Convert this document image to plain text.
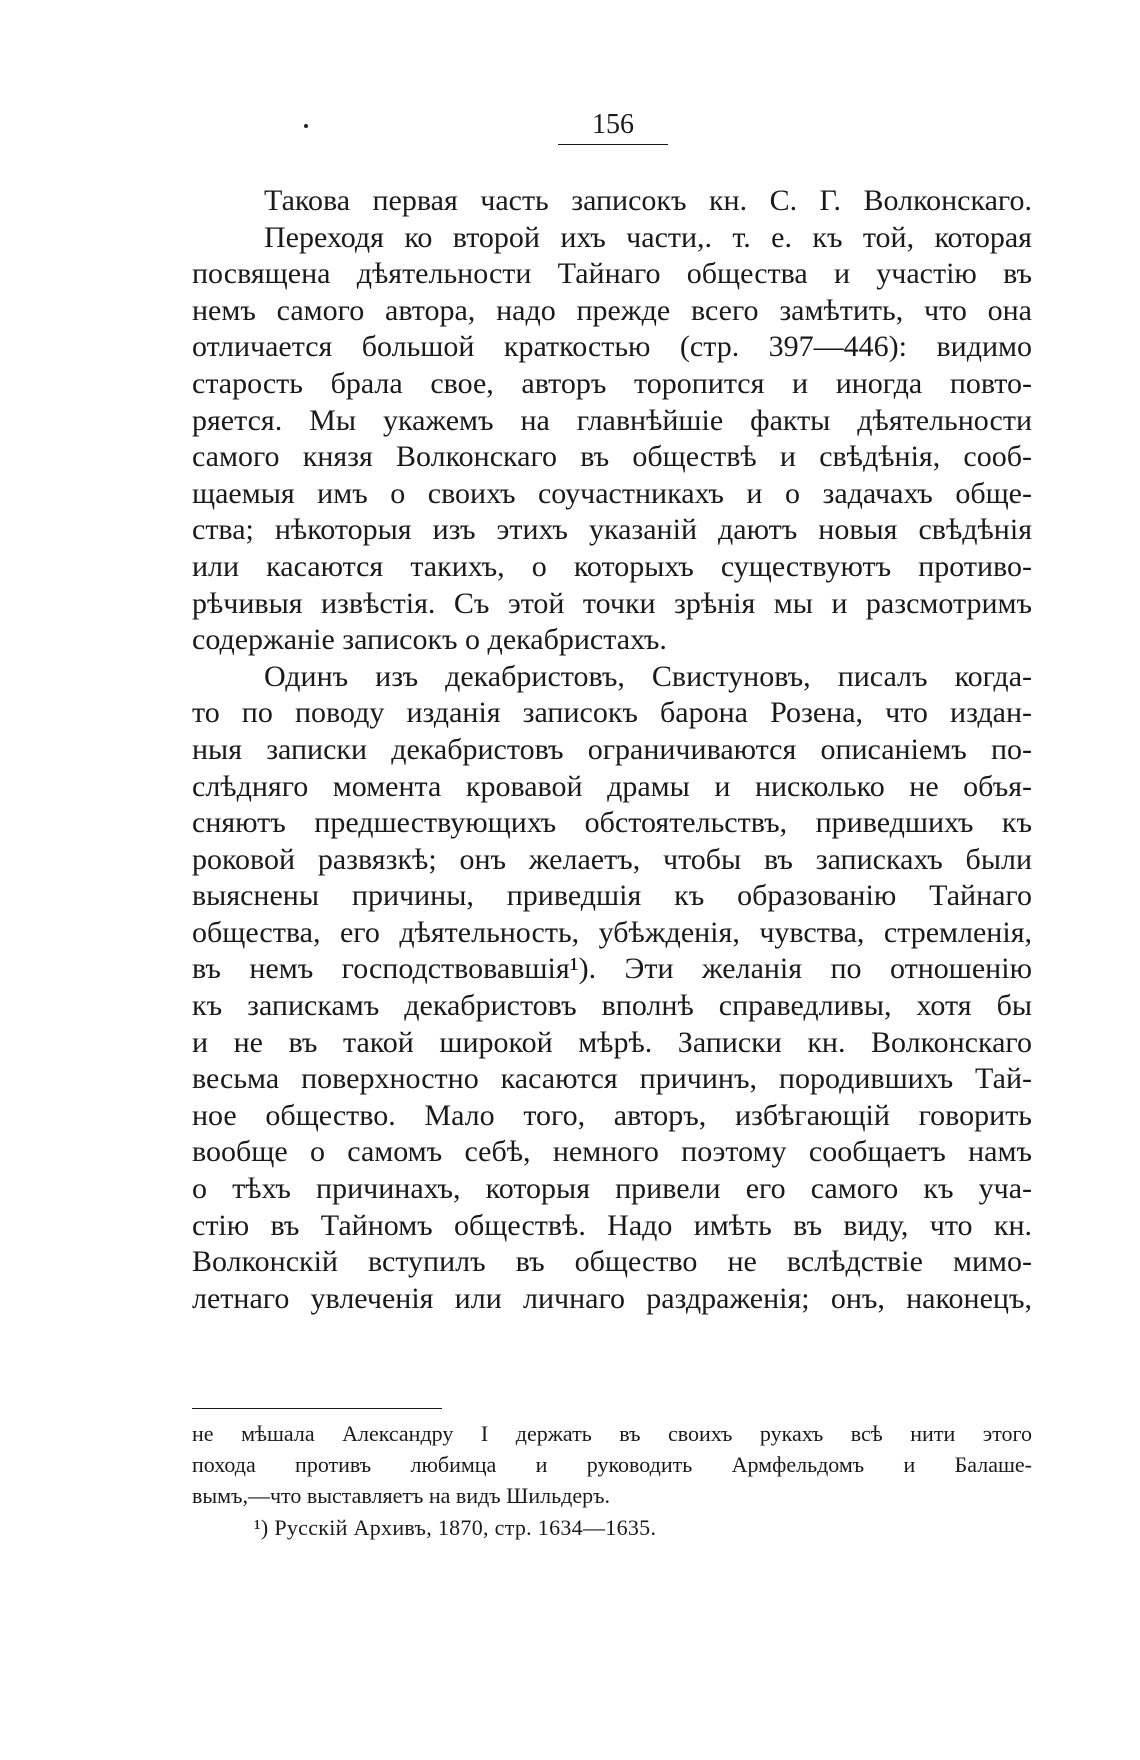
156
Такова первая часть записокъ кн. С. Г. Волконскаго.
Переходя ко второй ихъ части,. т. е. къ той, которая
посвящена дѣятельности Тайнаго общества и участію въ
немъ самого автора, надо прежде всего замѣтить, что она
отличается большой краткостью (стр. 397—446): видимо
старость брала свое, авторъ торопится и иногда повто-
ряется. Мы укажемъ на главнѣйшіе факты дѣятельности
самого князя Волконскаго въ обществѣ и свѣдѣнія, сооб-
щаемыя имъ о своихъ соучастникахъ и о задачахъ обще-
ства; нѣкоторыя изъ этихъ указаній даютъ новыя свѣдѣнія
или касаются такихъ, о которыхъ существуютъ противо-
рѣчивыя извѣстія. Съ этой точки зрѣнія мы и разсмотримъ
содержаніе записокъ о декабристахъ.
Одинъ изъ декабристовъ, Свистуновъ, писалъ когда-
то по поводу изданія записокъ барона Розена, что издан-
ныя записки декабристовъ ограничиваются описаніемъ по-
слѣдняго момента кровавой драмы и нисколько не объя-
сняютъ предшествующихъ обстоятельствъ, приведшихъ къ
роковой развязкѣ; онъ желаетъ, чтобы въ запискахъ были
выяснены причины, приведшія къ образованію Тайнаго
общества, его дѣятельность, убѣжденія, чувства, стремленія,
въ немъ господствовавшія¹). Эти желанія по отношенію
къ запискамъ декабристовъ вполнѣ справедливы, хотя бы
и не въ такой широкой мѣрѣ. Записки кн. Волконскаго
весьма поверхностно касаются причинъ, породившихъ Тай-
ное общество. Мало того, авторъ, избѣгающій говорить
вообще о самомъ себѣ, немного поэтому сообщаетъ намъ
о тѣхъ причинахъ, которыя привели его самого къ уча-
стію въ Тайномъ обществѣ. Надо имѣть въ виду, что кн.
Волконскій вступилъ въ общество не вслѣдствіе мимо-
летнаго увлеченія или личнаго раздраженія; онъ, наконецъ,
не мѣшала Александру I держать въ своихъ рукахъ всѣ нити этого
похода противъ любимца и руководить Армфельдомъ и Балаше-
вымъ,—что выставляетъ на видъ Шильдеръ.
¹) Русскій Архивъ, 1870, стр. 1634—1635.
